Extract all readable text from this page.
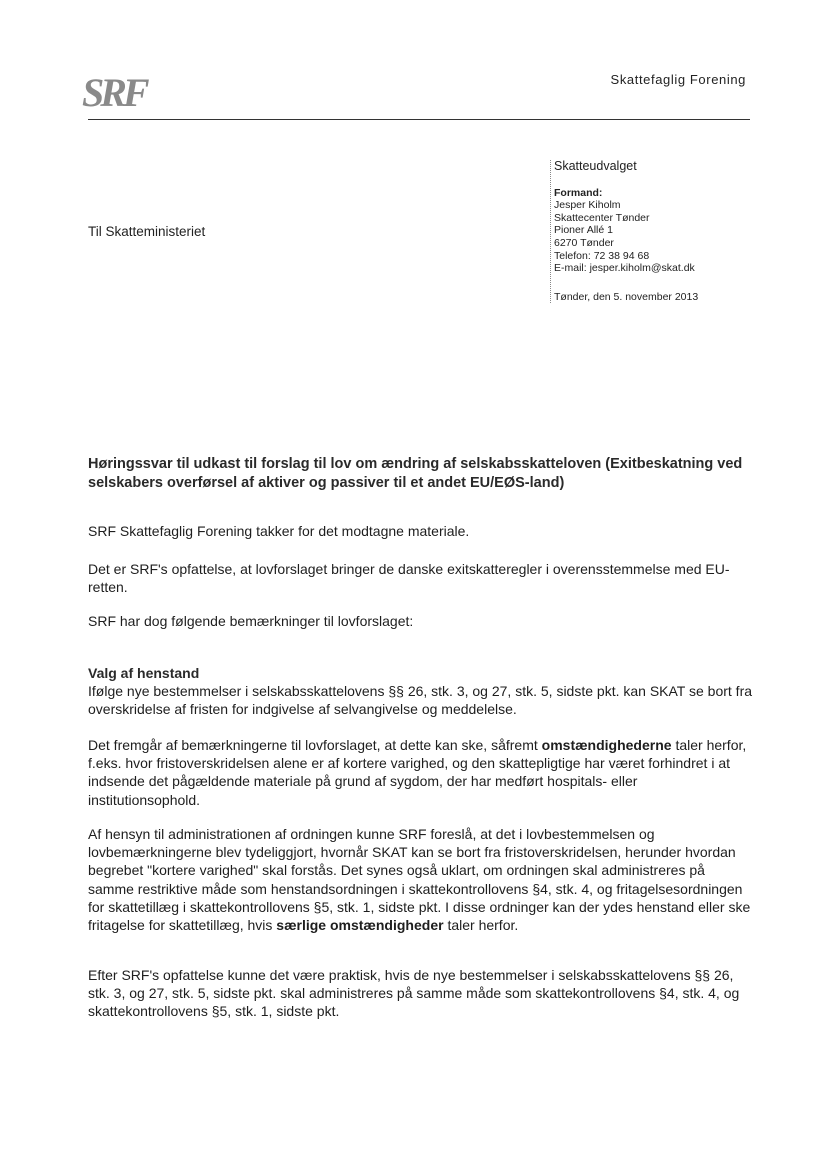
SRF	Skattefaglig Forening
Til Skatteministeriet
Skatteudvalget
Formand:
Jesper Kiholm
Skattecenter Tønder
Pioner Allé 1
6270 Tønder
Telefon: 72 38 94 68
E-mail: jesper.kiholm@skat.dk
Tønder, den 5. november 2013

Høringssvar til udkast til forslag til lov om ændring af selskabsskatteloven (Exitbeskatning ved selskabers overførsel af aktiver og passiver til et andet EU/EØS-land)

SRF Skattefaglig Forening takker for det modtagne materiale.

Det er SRF's opfattelse, at lovforslaget bringer de danske exitskatteregler i overensstemmelse med EU-retten.

SRF har dog følgende bemærkninger til lovforslaget:

Valg af henstand
Ifølge nye bestemmelser i selskabsskattelovens §§ 26, stk. 3, og 27, stk. 5, sidste pkt. kan SKAT se bort fra overskridelse af fristen for indgivelse af selvangivelse og meddelelse.

Det fremgår af bemærkningerne til lovforslaget, at dette kan ske, såfremt omstændighederne taler herfor, f.eks. hvor fristoverskridelsen alene er af kortere varighed, og den skattepligtige har været forhindret i at indsende det pågældende materiale på grund af sygdom, der har medført hospitals- eller institutionsophold.

Af hensyn til administrationen af ordningen kunne SRF foreslå, at det i lovbestemmelsen og lovbemærkningerne blev tydeliggjort, hvornår SKAT kan se bort fra fristoverskridelsen, herunder hvordan begrebet "kortere varighed" skal forstås. Det synes også uklart, om ordningen skal administreres på samme restriktive måde som henstandsordningen i skattekontrollovens §4, stk. 4, og fritagelsesordningen for skattetillæg i skattekontrollovens §5, stk. 1, sidste pkt. I disse ordninger kan der ydes henstand eller ske fritagelse for skattetillæg, hvis særlige omstændigheder taler herfor.

Efter SRF's opfattelse kunne det være praktisk, hvis de nye bestemmelser i selskabsskattelovens §§ 26, stk. 3, og 27, stk. 5, sidste pkt. skal administreres på samme måde som skattekontrollovens §4, stk. 4, og skattekontrollovens §5, stk. 1, sidste pkt.
